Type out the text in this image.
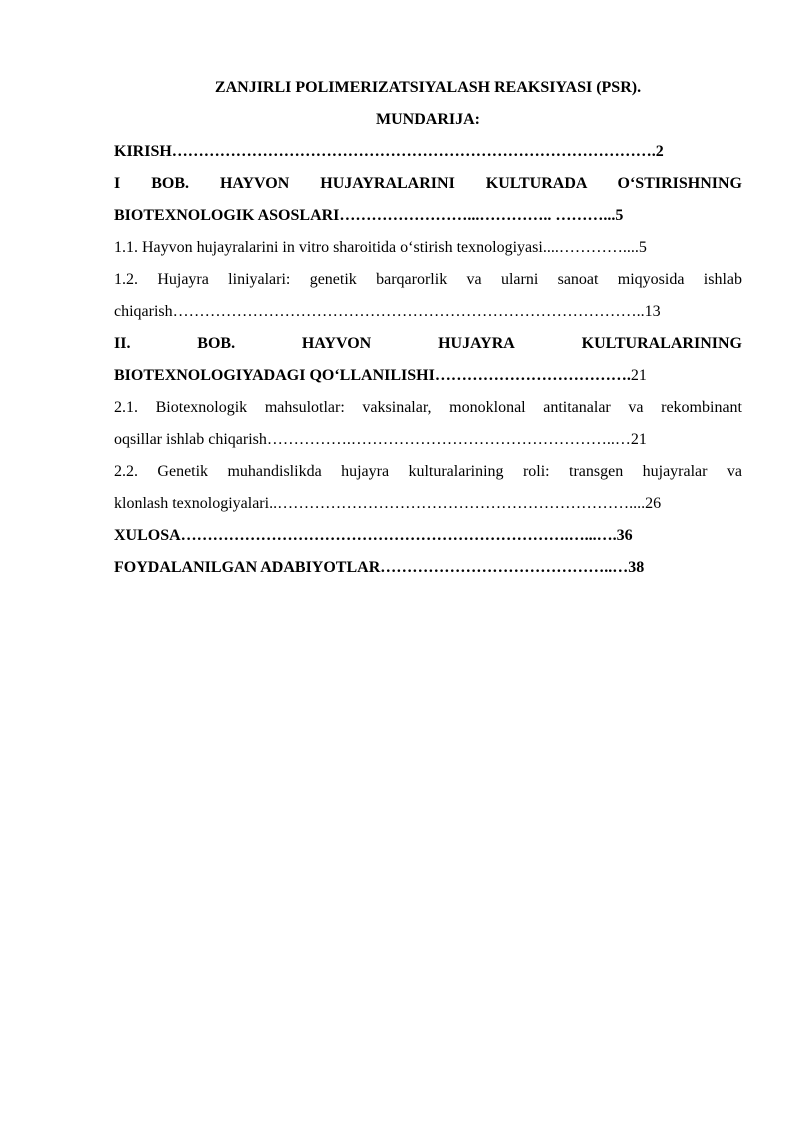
ZANJIRLI POLIMERIZATSIYALASH REAKSIYASI (PSR).

MUNDARIJA:

KIRISH……………………………………………………………………………….2

I BOB. HAYVON HUJAYRALARINI KULTURADA O‘STIRISHNING

BIOTEXNOLOGIK ASOSLARI……………………...………….. ………...5

1.1. Hayvon hujayralarini in vitro sharoitida o‘stirish texnologiyasi....…………....5

1.2. Hujayra liniyalari: genetik barqarorlik va ularni sanoat miqyosida ishlab

chiqarish……………………………………………………………………………..13

II.	BOB.	HAYVON	HUJAYRA	KULTURALARINING

BIOTEXNOLOGIYADAGI QO‘LLANILISHI……………………………….21

2.1. Biotexnologik mahsulotlar: vaksinalar, monoklonal antitanalar va rekombinant

oqsillar ishlab chiqarish…………….…………………………………………..…21

2.2. Genetik muhandislikda hujayra kulturalarining roli: transgen hujayralar va

klonlash texnologiyalari..…………………………………………………………....26

XULOSA……………………………………………………………….…...….36

FOYDALANILGAN ADABIYOTLAR……………………………………..…38
